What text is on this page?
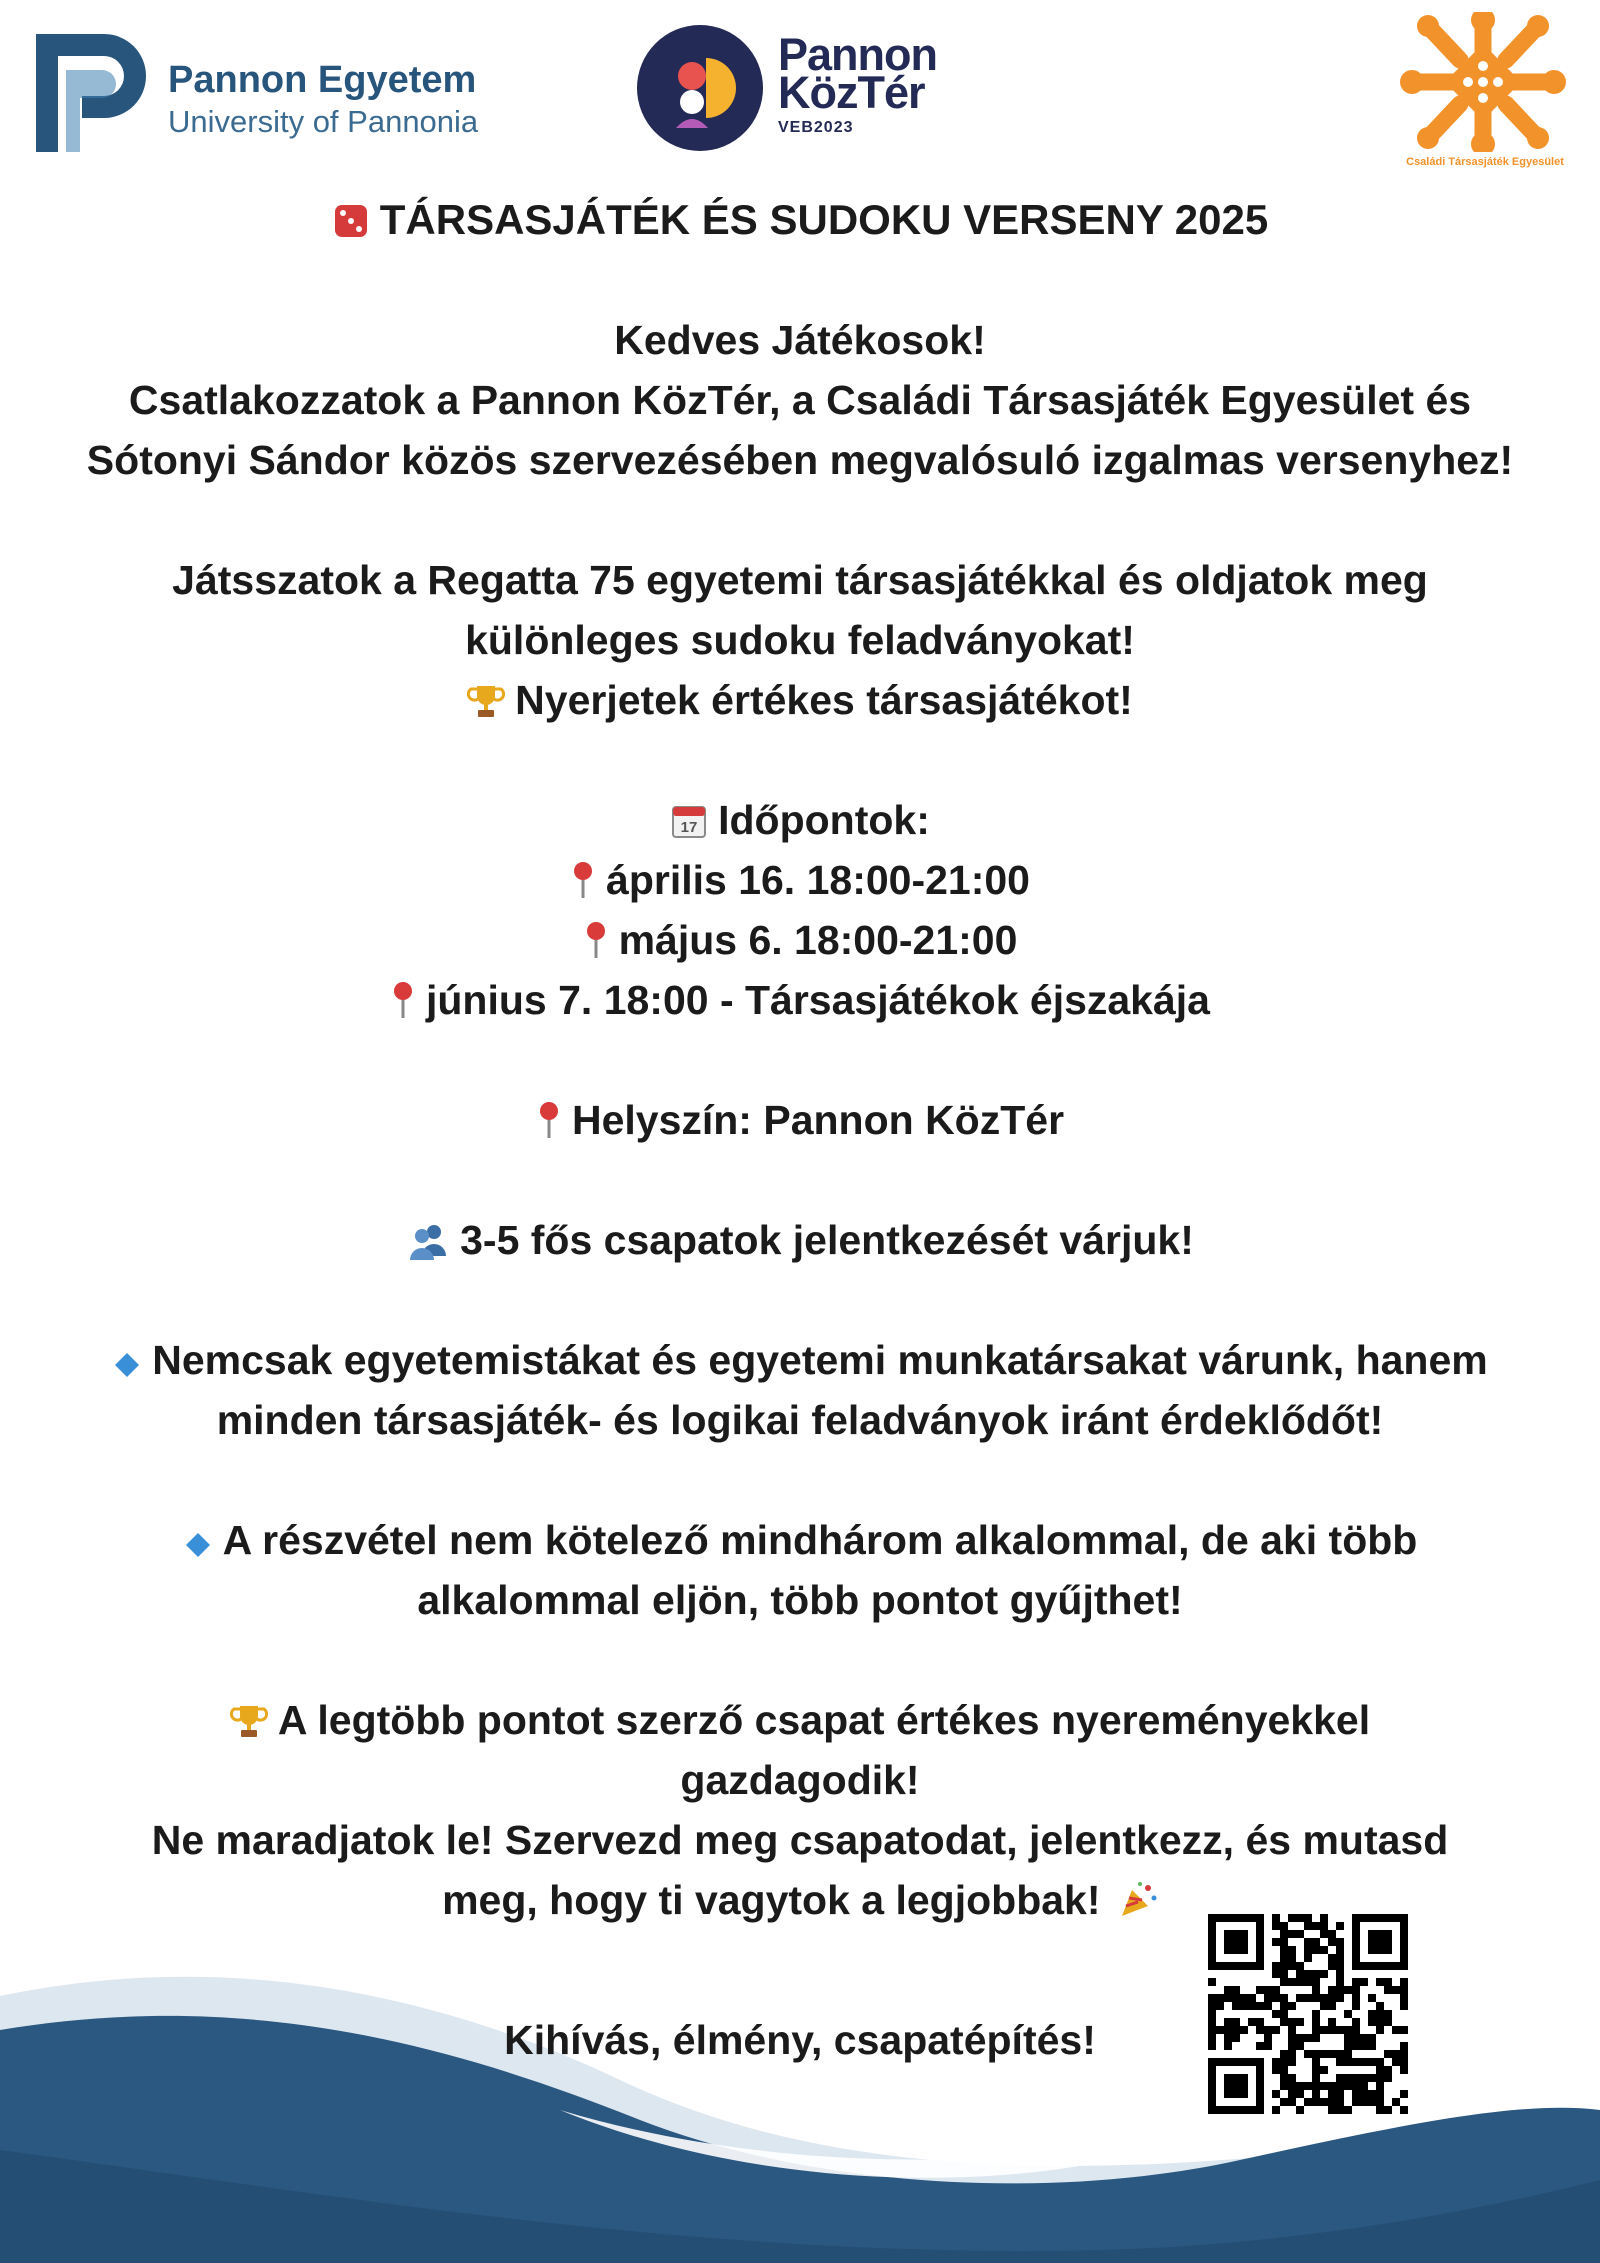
Pannon Egyetem
University of Pannonia
Pannon
KözTér
VEB2023
Családi Társasjáték Egyesület

TÁRSASJÁTÉK ÉS SUDOKU VERSENY 2025

Kedves Játékosok!

Csatlakozzatok a Pannon KözTér, a Családi Társasjáték Egyesület és

Sótonyi Sándor közös szervezésében megvalósuló izgalmas versenyhez!

Játsszatok a Regatta 75 egyetemi társasjátékkal és oldjatok meg

különleges sudoku feladványokat!

Nyerjetek értékes társasjátékot!

17 Időpontok:

április 16. 18:00-21:00

május 6. 18:00-21:00

június 7. 18:00 - Társasjátékok éjszakája

Helyszín: Pannon KözTér

3-5 fős csapatok jelentkezését várjuk!

Nemcsak egyetemistákat és egyetemi munkatársakat várunk, hanem

minden társasjáték- és logikai feladványok iránt érdeklődőt!

A részvétel nem kötelező mindhárom alkalommal, de aki több

alkalommal eljön, több pontot gyűjthet!

A legtöbb pontot szerző csapat értékes nyereményekkel

gazdagodik!

Ne maradjatok le! Szervezd meg csapatodat, jelentkezz, és mutasd

meg, hogy ti vagytok a legjobbak!

Kihívás, élmény, csapatépítés!
